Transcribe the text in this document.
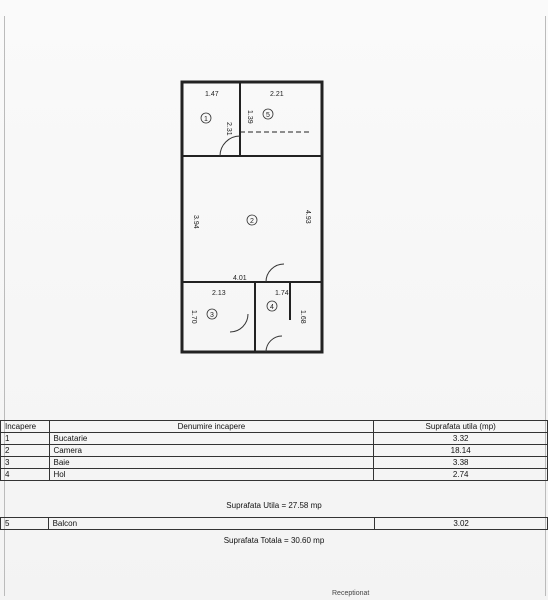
1.47	2.21
1.39
2.31
3.94	4.93
4.01
2.13	1.74
1.70	1.68
1
5
2
3
4
Incapere	Denumire incapere	Suprafata utila (mp)
1	Bucatarie	3.32
2	Camera	18.14
3	Baie	3.38
4	Hol	2.74
Suprafata Utila = 27.58 mp
5	Balcon	3.02
Suprafata Totala = 30.60 mp
Receptionat
